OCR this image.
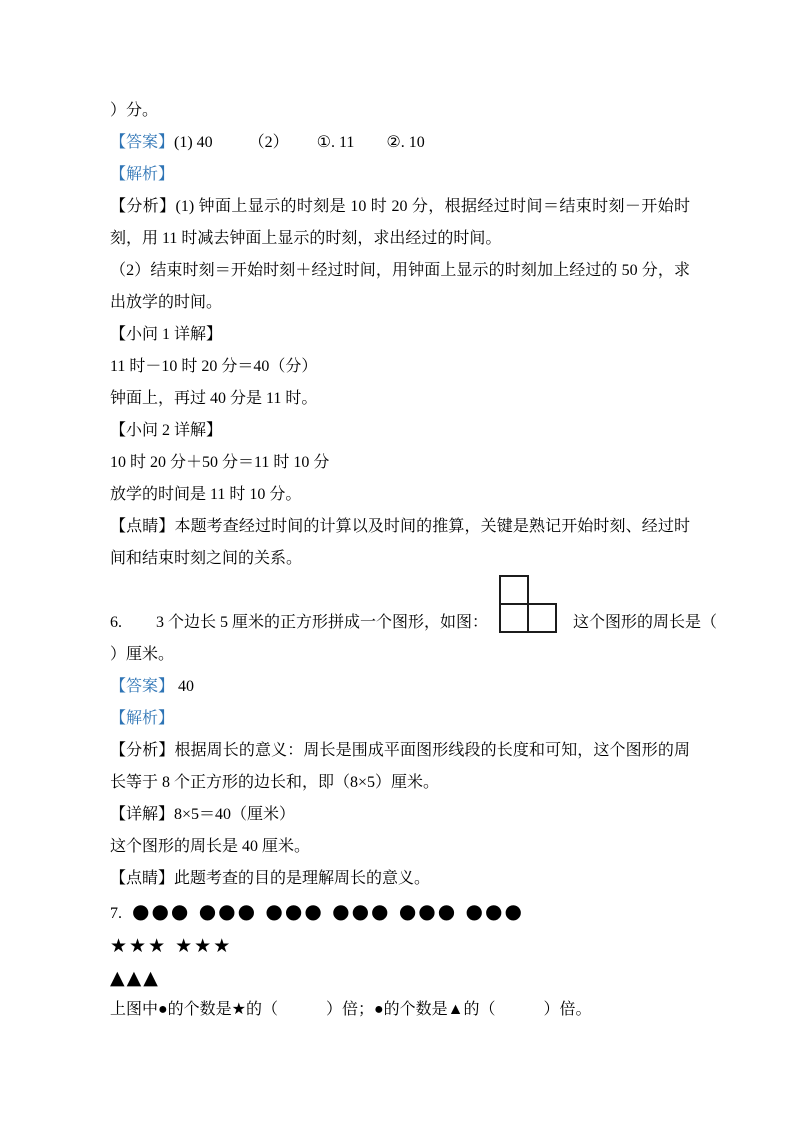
）分。

【答案】(1) 40　　 （2）　　 ①. 11　　②. 10

【解析】

【分析】(1) 钟面上显示的时刻是 10 时 20 分，根据经过时间＝结束时刻－开始时刻，用 11 时减去钟面上显示的时刻，求出经过的时间。

（2）结束时刻＝开始时刻＋经过时间，用钟面上显示的时刻加上经过的 50 分，求出放学的时间。

【小问 1 详解】

11 时－10 时 20 分＝40（分）

钟面上，再过 40 分是 11 时。

【小问 2 详解】

10 时 20 分＋50 分＝11 时 10 分

放学的时间是 11 时 10 分。

【点睛】本题考查经过时间的计算以及时间的推算，关键是熟记开始时刻、经过时间和结束时刻之间的关系。

6. 3 个边长 5 厘米的正方形拼成一个图形，如图：	这个图形的周长是（

）厘米。

【答案】 40

【解析】

【分析】根据周长的意义：周长是围成平面图形线段的长度和可知，这个图形的周长等于 8 个正方形的边长和，即（8×5）厘米。

【详解】8×5＝40（厘米）

这个图形的周长是 40 厘米。

【点睛】此题考查的目的是理解周长的意义。

7. ●●● ●●● ●●● ●●● ●●● ●●●

★★★ ★★★

▲▲▲

上图中●的个数是★的（　　　）倍；●的个数是▲的（　　　）倍。
